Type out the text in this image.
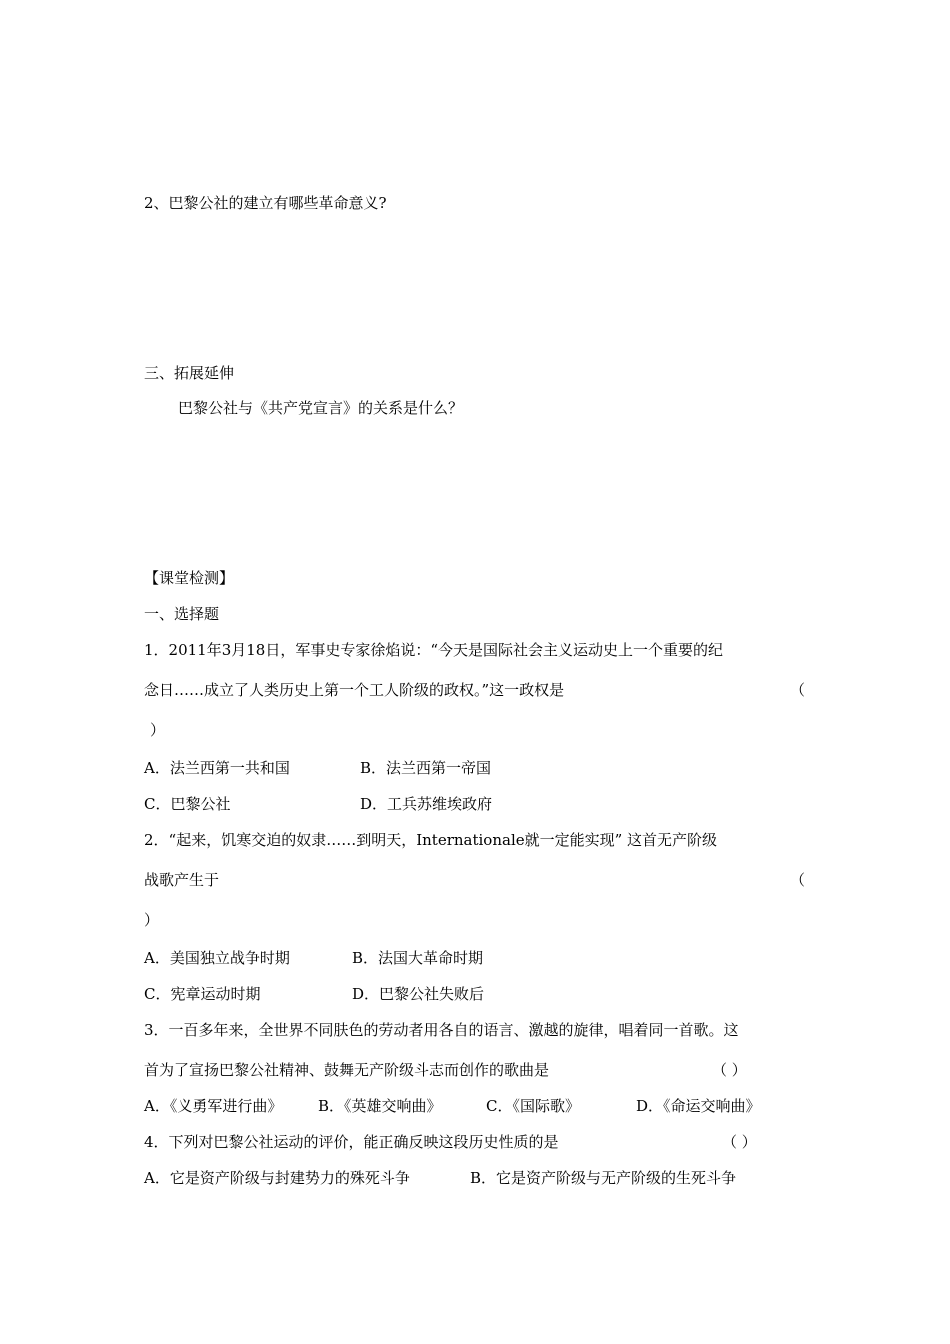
2、巴黎公社的建立有哪些革命意义?
三、拓展延伸
巴黎公社与《共产党宣言》的关系是什么？
【课堂检测】
一、选择题
1．2011年3月18日，军事史专家徐焰说：“今天是国际社会主义运动史上一个重要的纪
念日……成立了人类历史上第一个工人阶级的政权。”这一政权是	（
）
A．法兰西第一共和国	B．法兰西第一帝国
C．巴黎公社	D．工兵苏维埃政府
2．“起来，饥寒交迫的奴隶……到明天，Internationale就一定能实现” 这首无产阶级
战歌产生于	（
）
A．美国独立战争时期	B．法国大革命时期
C．宪章运动时期	D．巴黎公社失败后
3．一百多年来，全世界不同肤色的劳动者用各自的语言、激越的旋律，唱着同一首歌。这
首为了宣扬巴黎公社精神、鼓舞无产阶级斗志而创作的歌曲是	（ ）
A．《义勇军进行曲》 B．《英雄交响曲》	C．《国际歌》	D．《命运交响曲》
4．下列对巴黎公社运动的评价，能正确反映这段历史性质的是	（ ）
A．它是资产阶级与封建势力的殊死斗争	B．它是资产阶级与无产阶级的生死斗争
